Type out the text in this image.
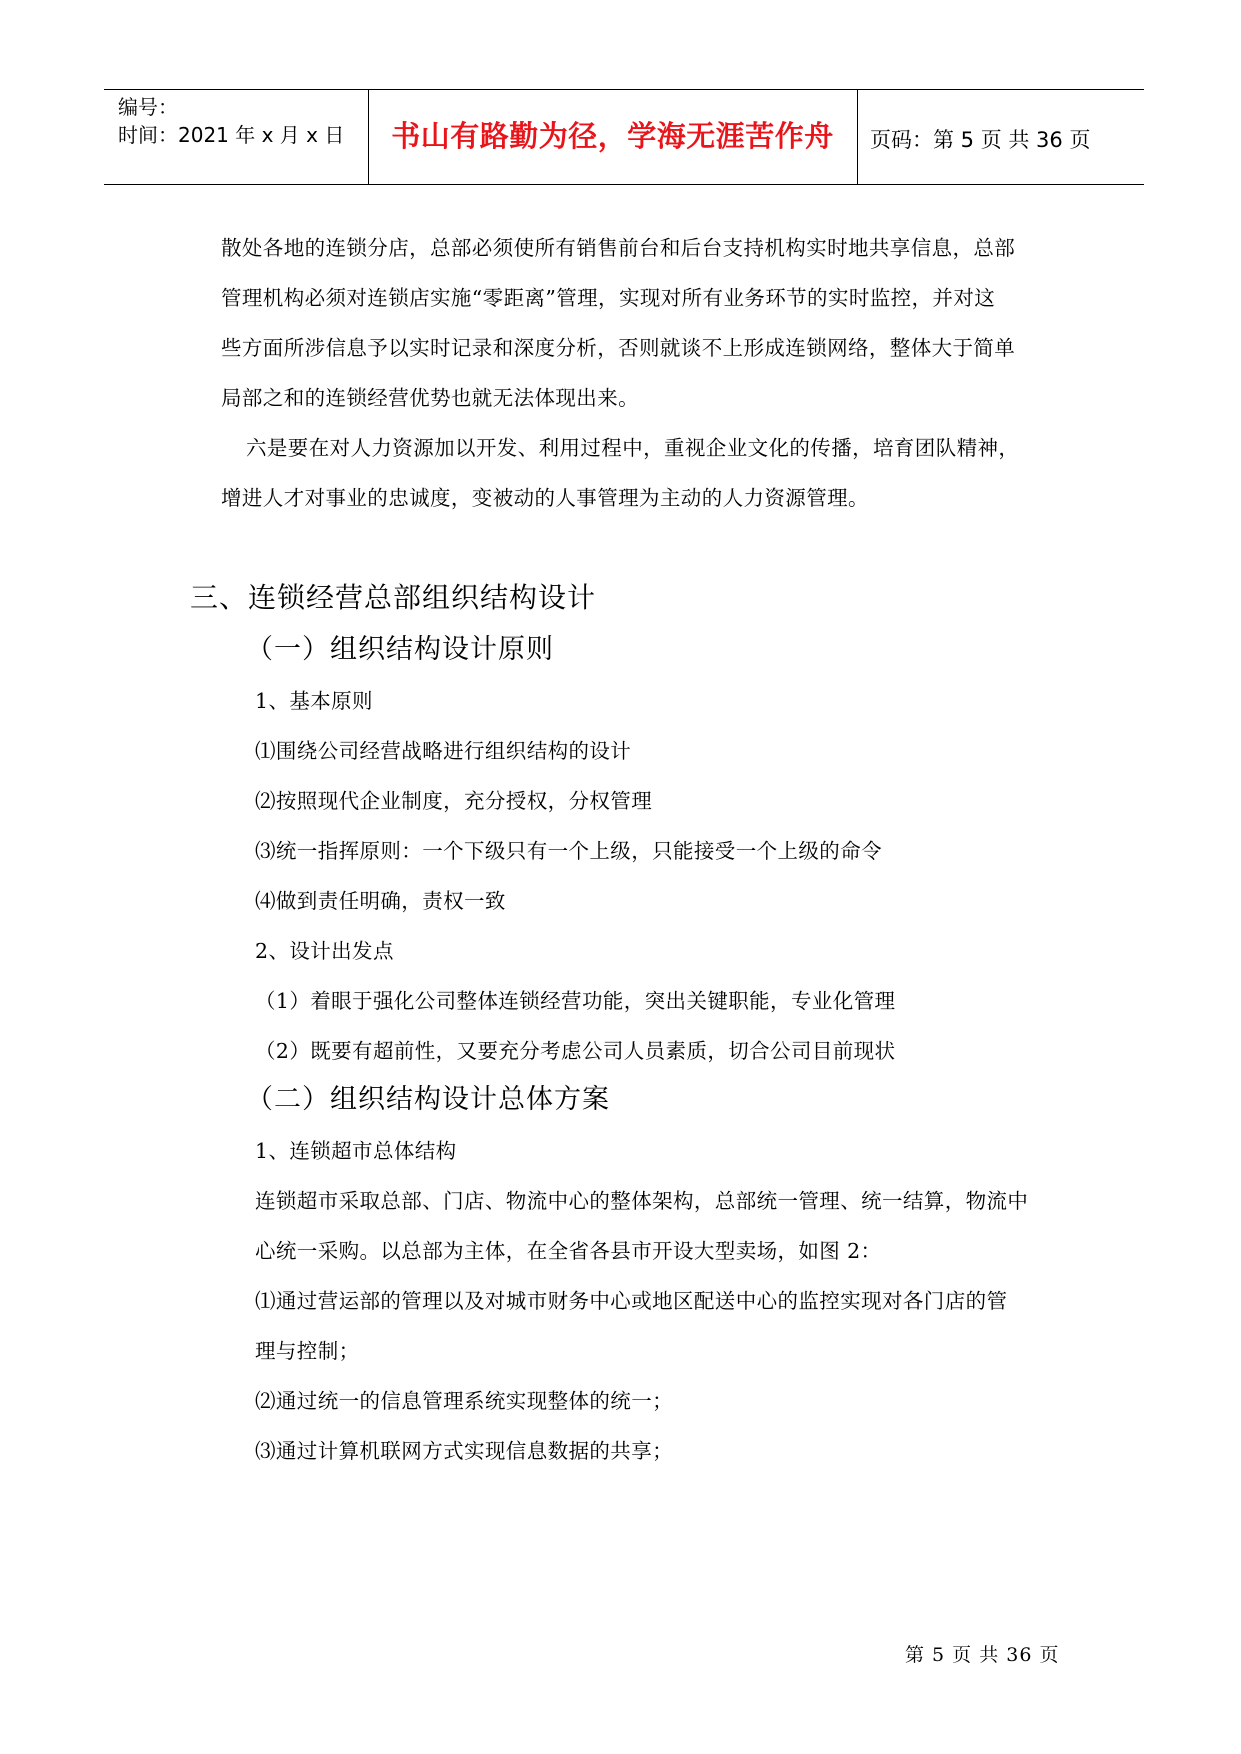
编号：
时间：2021 年 x 月 x 日	书山有路勤为径，学海无涯苦作舟	页码：第 5 页 共 36 页
散处各地的连锁分店，总部必须使所有销售前台和后台支持机构实时地共享信息，总部
管理机构必须对连锁店实施“零距离”管理，实现对所有业务环节的实时监控，并对这
些方面所涉信息予以实时记录和深度分析，否则就谈不上形成连锁网络，整体大于简单
局部之和的连锁经营优势也就无法体现出来。
六是要在对人力资源加以开发、利用过程中，重视企业文化的传播，培育团队精神，
增进人才对事业的忠诚度，变被动的人事管理为主动的人力资源管理。
三、连锁经营总部组织结构设计
（一）组织结构设计原则
1、基本原则
⑴围绕公司经营战略进行组织结构的设计
⑵按照现代企业制度，充分授权，分权管理
⑶统一指挥原则：一个下级只有一个上级，只能接受一个上级的命令
⑷做到责任明确，责权一致
2、设计出发点
（1）着眼于强化公司整体连锁经营功能，突出关键职能，专业化管理
（2）既要有超前性，又要充分考虑公司人员素质，切合公司目前现状
（二）组织结构设计总体方案
1、连锁超市总体结构
连锁超市采取总部、门店、物流中心的整体架构，总部统一管理、统一结算，物流中
心统一采购。以总部为主体，在全省各县市开设大型卖场，如图 2：
⑴通过营运部的管理以及对城市财务中心或地区配送中心的监控实现对各门店的管
理与控制；
⑵通过统一的信息管理系统实现整体的统一；
⑶通过计算机联网方式实现信息数据的共享；
第 5 页 共 36 页
